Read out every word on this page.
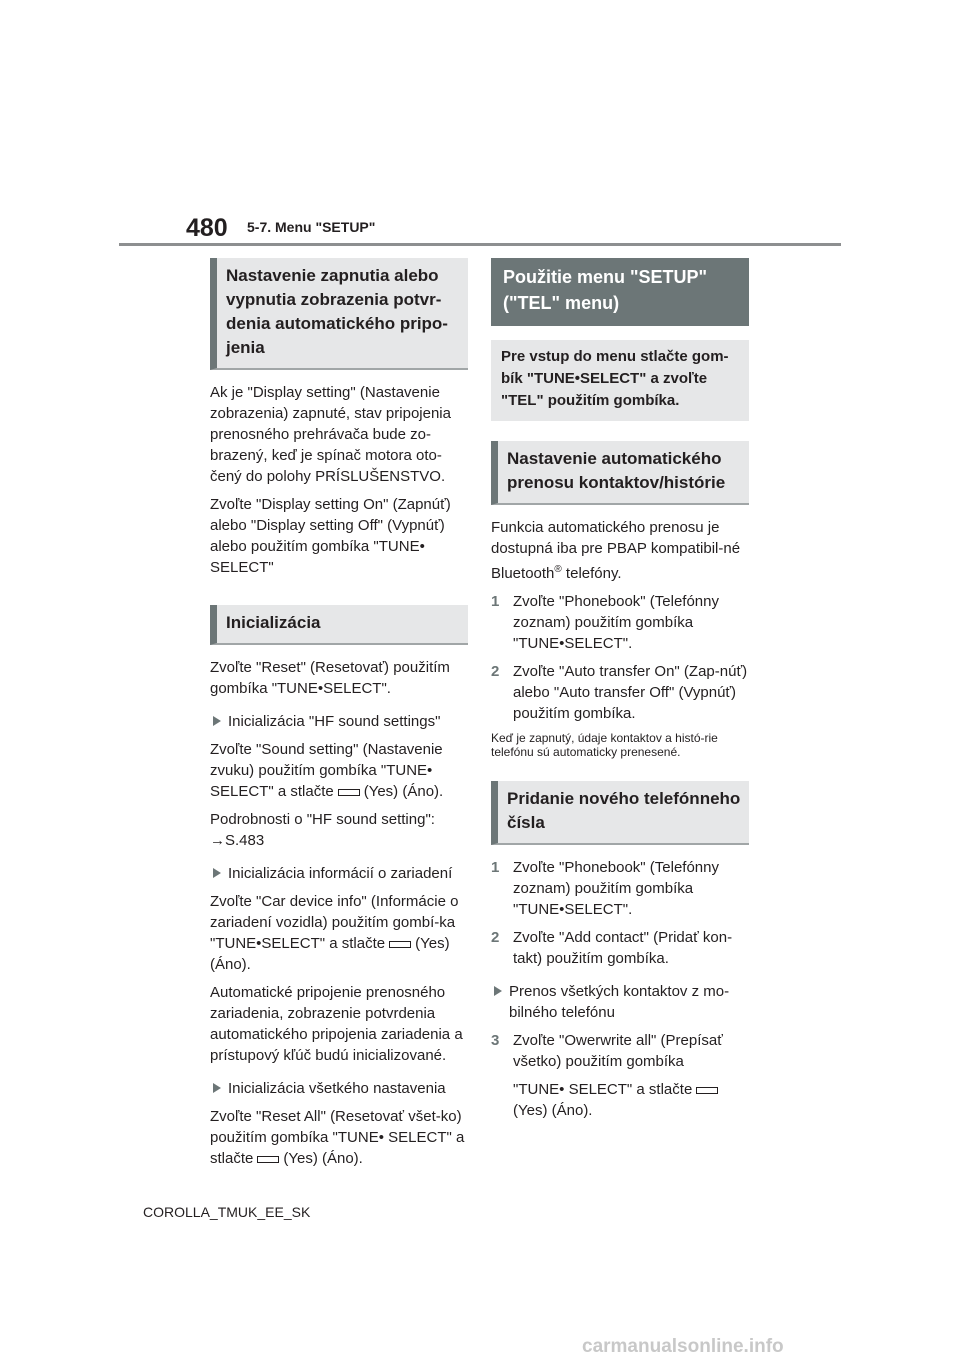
480 5-7. Menu "SETUP"
Nastavenie zapnutia alebo vypnutia zobrazenia potvr-denia automatického pripo-jenia

Ak je "Display setting" (Nastavenie zobrazenia) zapnuté, stav pripojenia prenosného prehrávača bude zo-brazený, keď je spínač motora oto-čený do polohy PRÍSLUŠENSTVO.

Zvoľte "Display setting On" (Zapnúť) alebo "Display setting Off" (Vypnúť) alebo použitím gombíka "TUNE• SELECT"

Inicializácia

Zvoľte "Reset" (Resetovať) použitím gombíka "TUNE•SELECT".

Inicializácia "HF sound settings"

Zvoľte "Sound setting" (Nastavenie zvuku) použitím gombíka "TUNE• SELECT" a stlačte (Yes) (Áno).

Podrobnosti o "HF sound setting":
→S.483

Inicializácia informácií o zariadení

Zvoľte "Car device info" (Informácie o zariadení vozidla) použitím gombí-ka "TUNE•SELECT" a stlačte (Yes) (Áno).

Automatické pripojenie prenosného zariadenia, zobrazenie potvrdenia automatického pripojenia zariadenia a prístupový kľúč budú inicializované.

Inicializácia všetkého nastavenia

Zvoľte "Reset All" (Resetovať všet-ko) použitím gombíka "TUNE• SELECT" a stlačte (Yes) (Áno).

Použitie menu "SETUP" ("TEL" menu)
Pre vstup do menu stlačte gom-bík "TUNE•SELECT" a zvoľte "TEL" použitím gombíka.
Nastavenie automatického prenosu kontaktov/histórie

Funkcia automatického prenosu je dostupná iba pre PBAP kompatibil-né Bluetooth® telefóny.

1 Zvoľte "Phonebook" (Telefónny zoznam) použitím gombíka "TUNE•SELECT".

2 Zvoľte "Auto transfer On" (Zap-núť) alebo "Auto transfer Off" (Vypnúť) použitím gombíka.

Keď je zapnutý, údaje kontaktov a histó-rie telefónu sú automaticky prenesené.

Pridanie nového telefónneho čísla

1 Zvoľte "Phonebook" (Telefónny zoznam) použitím gombíka "TUNE•SELECT".

2 Zvoľte "Add contact" (Pridať kon-takt) použitím gombíka.

Prenos všetkých kontaktov z mo-bilného telefónu

3 Zvoľte "Owerwrite all" (Prepísať všetko) použitím gombíka

"TUNE• SELECT" a stlačte
(Yes) (Áno).

COROLLA_TMUK_EE_SK
carmanualsonline.info
